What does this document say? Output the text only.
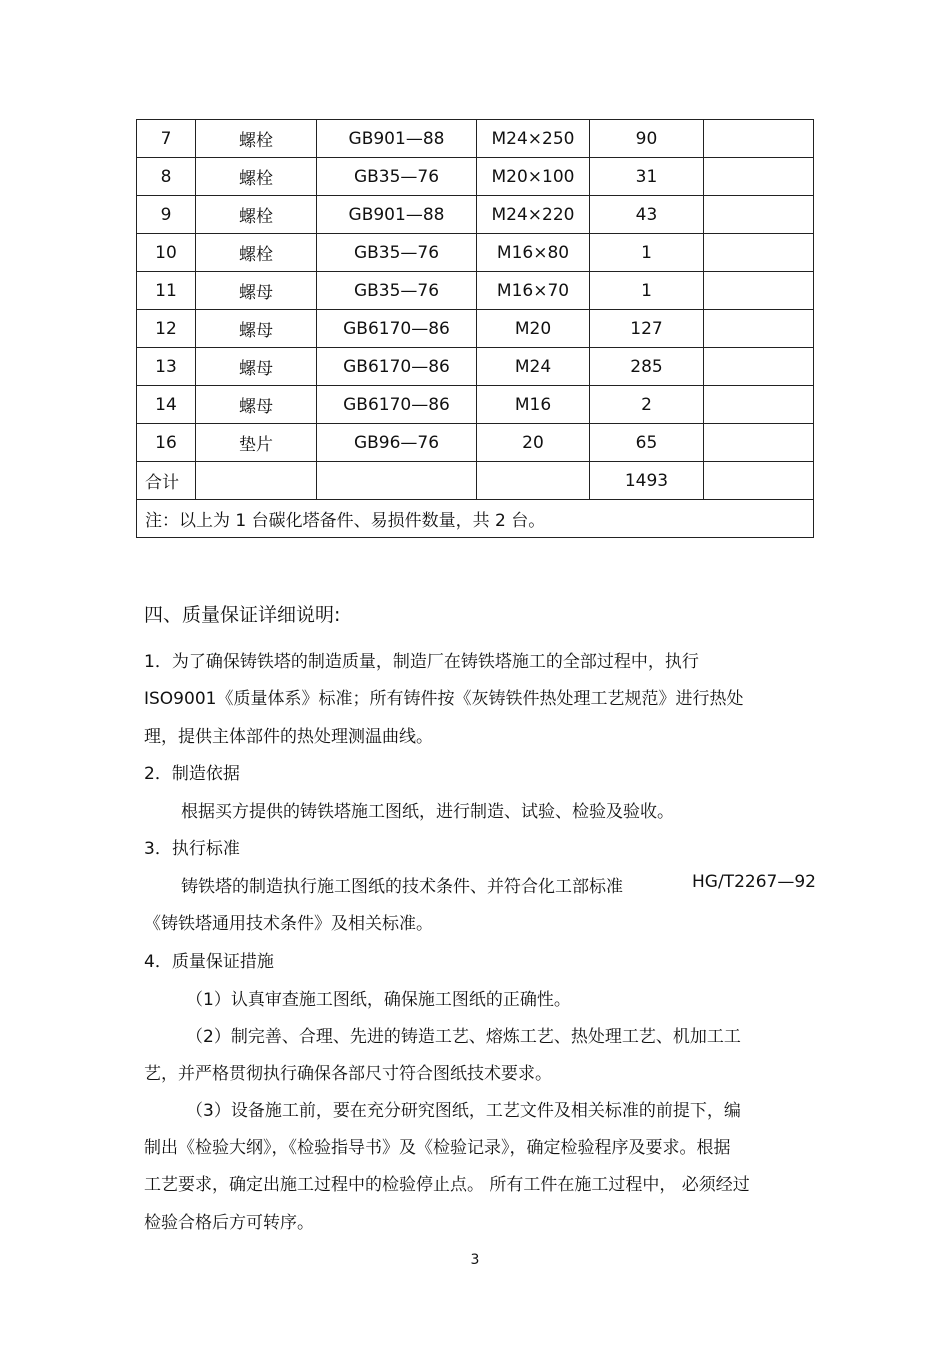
7	螺栓	GB901—88	M24×250	90	
8	螺栓	GB35—76	M20×100	31	
9	螺栓	GB901—88	M24×220	43	
10	螺栓	GB35—76	M16×80	1	
11	螺母	GB35—76	M16×70	1	
12	螺母	GB6170—86	M20	127	
13	螺母	GB6170—86	M24	285	
14	螺母	GB6170—86	M16	2	
16	垫片	GB96—76	20	65	
合计				1493	
注：以上为 1 台碳化塔备件、易损件数量，共 2 台。					
四、质量保证详细说明:
1．为了确保铸铁塔的制造质量，制造厂在铸铁塔施工的全部过程中，执行
ISO9001《质量体系》标准；所有铸件按《灰铸铁件热处理工艺规范》进行热处
理，提供主体部件的热处理测温曲线。
2．制造依据
根据买方提供的铸铁塔施工图纸，进行制造、试验、检验及验收。
3．执行标准
铸铁塔的制造执行施工图纸的技术条件、并符合化工部标准	HG/T2267—92
《铸铁塔通用技术条件》及相关标准。
4．质量保证措施
（1）认真审查施工图纸，确保施工图纸的正确性。
（2）制完善、合理、先进的铸造工艺、熔炼工艺、热处理工艺、机加工工
艺，并严格贯彻执行确保各部尺寸符合图纸技术要求。
（3）设备施工前，要在充分研究图纸，工艺文件及相关标准的前提下，编
制出《检验大纲》，《检验指导书》及《检验记录》，确定检验程序及要求。根据
工艺要求，确定出施工过程中的检验停止点。 所有工件在施工过程中， 必须经过
检验合格后方可转序。
3
